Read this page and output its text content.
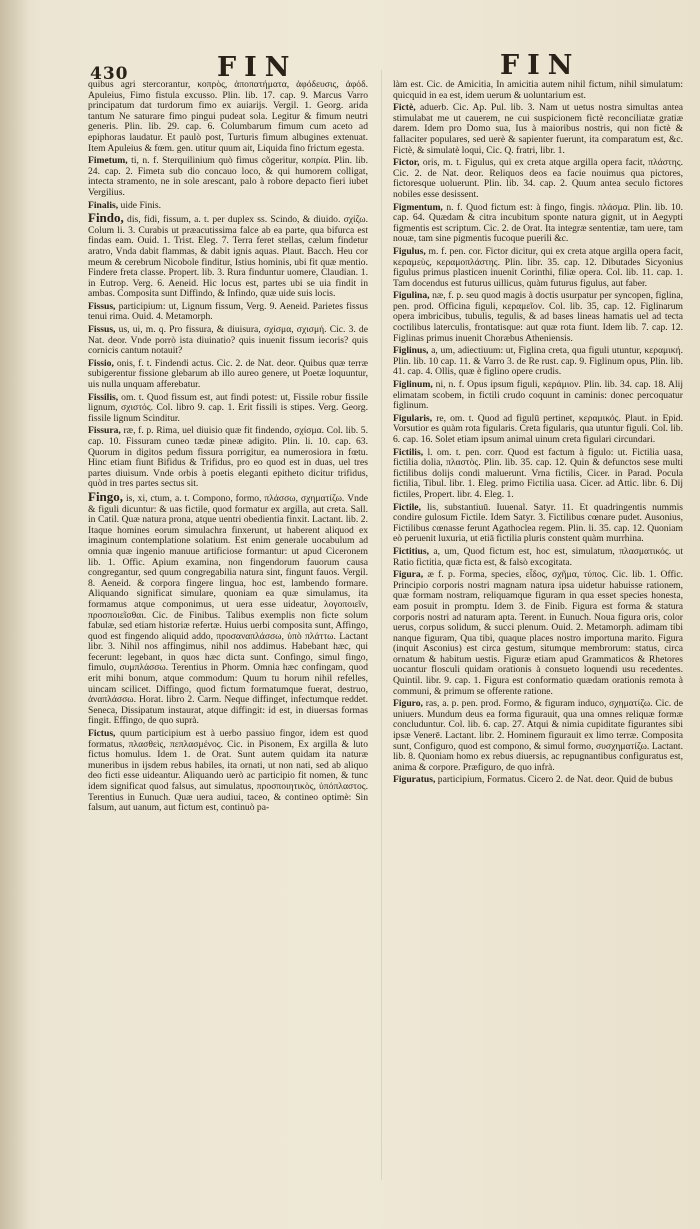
430	FIN	FIN

quibus agri stercorantur, κοπρὸς, ἀποπατήματα, ἀφόδευσις, ἀφόδ. Apuleius, Fimo fistula excusso. Plin. lib. 17. cap. 9. Marcus Varro principatum dat turdorum fimo ex auiarijs. Vergil. 1. Georg. arida tantum Ne saturare fimo pingui pudeat sola. Legitur & fimum neutri generis. Plin. lib. 29. cap. 6. Columbarum fimum cum aceto ad epiphoras laudatur. Et paulò post, Turturis fimum albugines extenuat. Item Apuleius & fœm. gen. utitur quum ait, Liquida fino frictum egesta.

Fimetum, ti, n. f. Sterquilinium quò fimus cõgeritur, κοπρία. Plin. lib. 24. cap. 2. Fimeta sub dio concauo loco, & qui humorem colligat, intecta stramento, ne in sole arescant, palo à robore depacto fieri iubet Vergilius.

Finalis, uide Finis.

Findo, dis, fidi, fissum, a. t. per duplex ss. Scindo, & diuido. σχίζω. Colum li. 3. Curabis ut præacutissima falce ab ea parte, qua bifurca est findas eam. Ouid. 1. Trist. Eleg. 7. Terra feret stellas, cælum findetur aratro, Vnda dabit flammas, & dabit ignis aquas. Plaut. Bacch. Heu cor meum & cerebrum Nicobole finditur, Istius hominis, ubi fit quæ mentio. Findere freta classe. Propert. lib. 3. Rura finduntur uomere, Claudian. 1. in Eutrop. Verg. 6. Aeneid. Hic locus est, partes ubi se uia findit in ambas. Composita sunt Diffindo, & Infindo, quæ uide suis locis.

Fissus, participium: ut, Lignum fissum, Verg. 9. Aeneid. Parietes fissus tenui rima. Ouid. 4. Metamorph.

Fissus, us, ui, m. q. Pro fissura, & diuisura, σχίσμα, σχισμή. Cic. 3. de Nat. deor. Vnde porrò ista diuinatio? quis inuenit fissum iecoris? quis cornicis cantum notauit?

Fissio, onis, f. t. Findendi actus. Cic. 2. de Nat. deor. Quibus quæ terræ subigerentur fissione glebarum ab illo aureo genere, ut Poetæ loquuntur, uis nulla unquam afferebatur.

Fissilis, om. t. Quod fissum est, aut findi potest: ut, Fissile robur fissile lignum, σχιστός. Col. libro 9. cap. 1. Erit fissili is stipes. Verg. Georg. fissile lignum Scinditur.

Fissura, ræ, f. p. Rima, uel diuisio quæ fit findendo, σχίσμα. Col. lib. 5. cap. 10. Fissuram cuneo tædæ pineæ adigito. Plin. li. 10. cap. 63. Quorum in digitos pedum fissura porrigitur, ea numerosiora in fœtu. Hinc etiam fiunt Bifidus & Trifidus, pro eo quod est in duas, uel tres partes diuisum. Vnde orbis à poetis eleganti epitheto dicitur trifidus, quòd in tres partes sectus sit.

Fingo, is, xi, ctum, a. t. Compono, formo, πλάσσω, σχηματίζω. Vnde & figuli dicuntur: & uas fictile, quod formatur ex argilla, aut creta. Sall. in Catil. Quæ natura prona, atque uentri obedientia finxit. Lactant. lib. 2. Itaque homines eorum simulachra finxerunt, ut haberent aliquod ex imaginum contemplatione solatium. Est enim generale uocabulum ad omnia quæ ingenio manuue artificiose formantur: ut apud Ciceronem lib. 1. Offic. Apium examina, non fingendorum fauorum causa congregantur, sed quum congregabilia natura sint, fingunt fauos. Vergil. 8. Aeneid. & corpora fingere lingua, hoc est, lambendo formare. Aliquando significat simulare, quoniam ea quæ simulamus, ita formamus atque componimus, ut uera esse uideatur, λογοποιεῖν, προσποιεῖσθαι. Cic. de Finibus. Talibus exemplis non ficte solum fabulæ, sed etiam historiæ refertæ. Huius uerbi composita sunt, Affingo, quod est fingendo aliquid addo, προσαναπλάσσω, ὑπὸ πλάττω. Lactant libr. 3. Nihil nos affingimus, nihil nos addimus. Habebant hæc, qui fecerunt: legebant, in quos hæc dicta sunt. Confingo, simul fingo, fimulo, συμπλάσσω. Terentius in Phorm. Omnia hæc confingam, quod erit mihi bonum, atque commodum: Quum tu horum nihil refelles, uincam scilicet. Diffingo, quod fictum formatumque fuerat, destruo, ἀναπλάσσω. Horat. libro 2. Carm. Neque diffinget, infectumque reddet. Seneca, Dissipatum instaurat, atque diffingit: id est, in diuersas formas fingit. Effingo, de quo suprà.

Fictus, quum participium est à uerbo passiuo fingor, idem est quod formatus, πλασθεὶς, πεπλασμένος. Cic. in Pisonem, Ex argilla & luto fictus homulus. Idem 1. de Orat. Sunt autem quidam ita naturæ muneribus in ijsdem rebus habiles, ita ornati, ut non nati, sed ab aliquo deo ficti esse uideantur. Aliquando uerò ac participio fit nomen, & tunc idem significat quod falsus, aut simulatus, προσποιητικὸς, ὑπόπλαστος. Terentius in Eunuch. Quæ uera audiui, taceo, & contineo optimè: Sin falsum, aut uanum, aut fictum est, continuò pa-

làm est. Cic. de Amicitia, In amicitia autem nihil fictum, nihil simulatum: quicquid in ea est, idem uerum & uoluntarium est.

Fictè, aduerb. Cic. Ap. Pul. lib. 3. Nam ut uetus nostra simultas antea stimulabat me ut cauerem, ne cui suspicionem fictè reconciliatæ gratiæ darem. Idem pro Domo sua, Ius à maioribus nostris, qui non fictè & fallaciter populares, sed uerè & sapienter fuerunt, ita comparatum est, &c. Fictè, & simulatè loqui, Cic. Q. fratri, libr. 1.

Fictor, oris, m. t. Figulus, qui ex creta atque argilla opera facit, πλάστης. Cic. 2. de Nat. deor. Reliquos deos ea facie nouimus qua pictores, fictoresque uoluerunt. Plin. lib. 34. cap. 2. Quum antea seculo fictores nobiles esse desissent.

Figmentum, n. f. Quod fictum est: à fingo, fingis. πλάσμα. Plin. lib. 10. cap. 64. Quædam & citra incubitum sponte natura gignit, ut in Aegypti figmentis est scriptum. Cic. 2. de Orat. Ita integræ sententiæ, tam uere, tam nouæ, tam sine pigmentis fucoque puerili &c.

Figulus, m. f. pen. cor. Fictor dicitur, qui ex creta atque argilla opera facit, κεραμεὺς, κεραμοπλάστης. Plin. libr. 35. cap. 12. Dibutades Sicyonius figulus primus plasticen inuenit Corinthi, filiæ opera. Col. lib. 11. cap. 1. Tam docendus est futurus uillicus, quàm futurus figulus, aut faber.

Figulina, næ, f. p. seu quod magis à doctis usurpatur per syncopen, figlina, pen. prod. Officina figuli, κεραμεῖον. Col. lib. 35, cap. 12. Figlinarum opera imbricibus, tubulis, tegulis, & ad bases lineas hamatis uel ad tecta coctilibus laterculis, frontatisque: aut quæ rota fiunt. Idem lib. 7. cap. 12. Figlinas primus inuenit Choræbus Atheniensis.

Figlinus, a, um, adiectiuum: ut, Figlina creta, qua figuli utuntur, κεραμική. Plin. lib. 10 cap. 11. & Varro 3. de Re rust. cap. 9. Figlinum opus, Plin. lib. 41. cap. 4. Ollis, quæ è figlino opere crudis.

Figlinum, ni, n. f. Opus ipsum figuli, κεράμιον. Plin. lib. 34. cap. 18. Alij elimatam scobem, in fictili crudo coquunt in caminis: donec percoquatur figlinum.

Figularis, re, om. t. Quod ad figulū pertinet, κεραμικός. Plaut. in Epid. Vorsutior es quàm rota figularis. Creta figularis, qua utuntur figuli. Col. lib. 6. cap. 16. Solet etiam ipsum animal uinum creta figulari circundari.

Fictilis, l. om. t. pen. corr. Quod est factum à figulo: ut. Fictilia uasa, fictilia dolia, πλαστὸς. Plin. lib. 35. cap. 12. Quin & defunctos sese multi fictilibus dolijs condi maluerunt. Vrna fictilis, Cicer. in Parad. Pocula fictilia, Tibul. libr. 1. Eleg. primo Fictilia uasa. Cicer. ad Attic. libr. 6. Dij fictiles, Propert. libr. 4. Eleg. 1.

Fictile, lis, substantiuū. Iuuenal. Satyr. 11. Et quadringentis nummis condire gulosum Fictile. Idem Satyr. 3. Fictilibus cœnare pudet. Ausonius, Fictilibus cœnasse ferunt Agathoclea regem. Plin. li. 35. cap. 12. Quoniam eò peruenit luxuria, ut etiā fictilia pluris constent quàm murrhina.

Fictitius, a, um, Quod fictum est, hoc est, simulatum, πλασματικός. ut Ratio fictitia, quæ ficta est, & falsò excogitata.

Figura, æ f. p. Forma, species, εἶδος, σχῆμα, τύπος. Cic. lib. 1. Offic. Principio corporis nostri magnam natura ipsa uidetur habuisse rationem, quæ formam nostram, reliquamque figuram in qua esset species honesta, eam posuit in promptu. Idem 3. de Finib. Figura est forma & statura corporis nostri ad naturam apta. Terent. in Eunuch. Noua figura oris, color uerus, corpus solidum, & succi plenum. Ouid. 2. Metamorph. adimam tibi nanque figuram, Qua tibi, quaque places nostro importuna marito. Figura (inquit Asconius) est circa gestum, situmque membrorum: status, circa ornatum & habitum uestis. Figuræ etiam apud Grammaticos & Rhetores uocantur flosculi quidam orationis à consueto loquendi usu recedentes. Quintil. libr. 9. cap. 1. Figura est conformatio quædam orationis remota à communi, & primum se offerente ratione.

Figuro, ras, a. p. pen. prod. Formo, & figuram induco, σχηματίζω. Cic. de uniuers. Mundum deus ea forma figurauit, qua una omnes reliquæ formæ concluduntur. Col. lib. 6. cap. 27. Atqui & nimia cupiditate figurantes sibi ipsæ Venerē. Lactant. libr. 2. Hominem figurauit ex limo terræ. Composita sunt, Configuro, quod est compono, & simul formo, συσχηματίζω. Lactant. lib. 8. Quoniam homo ex rebus diuersis, ac repugnantibus configuratus est, anima & corpore. Præfiguro, de quo infrà.

Figuratus, participium, Formatus. Cicero 2. de Nat. deor. Quid de bubus
